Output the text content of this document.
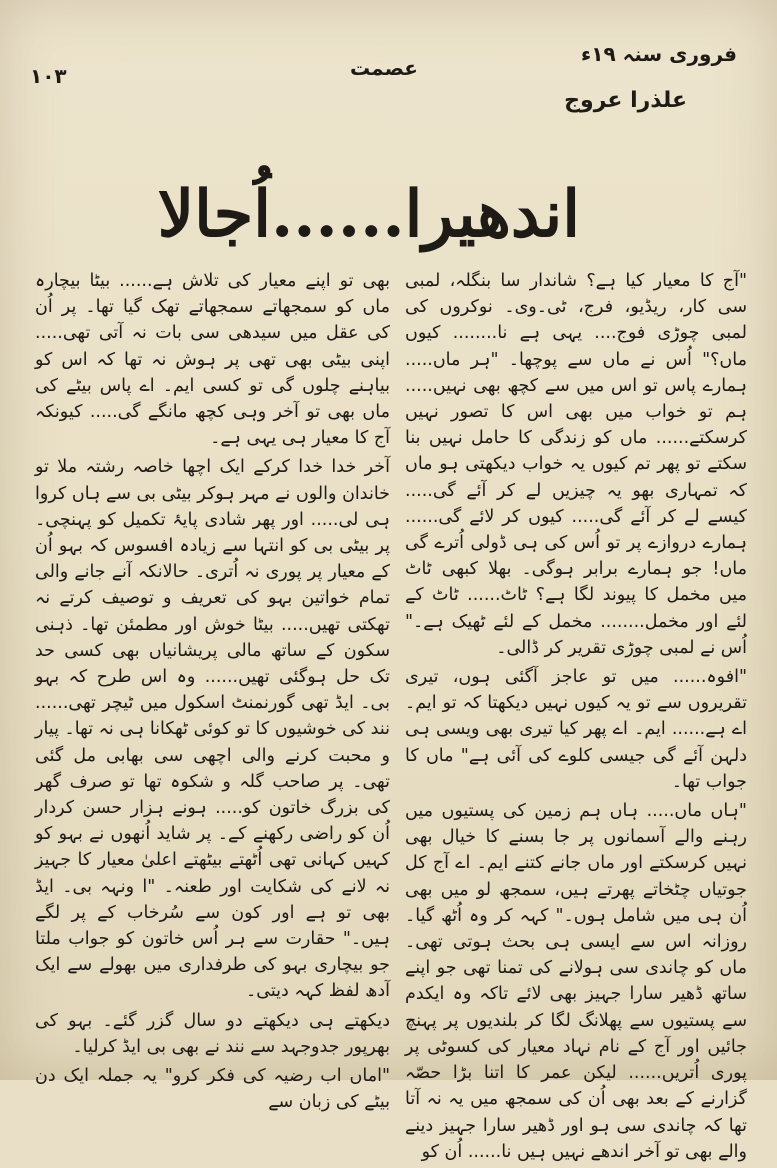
١٠٣	عصمت
فروری سنہ ۱۹ء
علذرا عروج
اندھیرا......اُجالا

"آج کا معیار کیا ہے؟ شاندار سا بنگلہ، لمبی سی کار، ریڈیو، فرج، ٹی۔وی۔ نوکروں کی لمبی چوڑی فوج.... یہی ہے نا........ کیوں ماں؟" اُس نے ماں سے پوچھا۔ "ہر ماں..... ہمارے پاس تو اس میں سے کچھ بھی نہیں..... ہم تو خواب میں بھی اس کا تصور نہیں کرسکتے...... ماں کو زندگی کا حامل نہیں بنا سکتے تو پھر تم کیوں یہ خواب دیکھتی ہو ماں کہ تمہاری بھو یہ چیزیں لے کر آئے گی..... کیسے لے کر آئے گی..... کیوں کر لائے گی...... ہمارے دروازے پر تو اُس کی ہی ڈولی اُترے گی ماں! جو ہمارے برابر ہوگی۔ بھلا کبھی ٹاٹ میں مخمل کا پیوند لگا ہے؟ ٹاٹ...... ٹاٹ کے لئے اور مخمل........ مخمل کے لئے ٹھیک ہے۔" اُس نے لمبی چوڑی تقریر کر ڈالی۔

"افوہ...... میں تو عاجز آگئی ہوں، تیری تقریروں سے تو یہ کیوں نہیں دیکھتا کہ تو ایم۔ اے ہے...... ایم۔ اے پھر کیا تیری بھی ویسی ہی دلہن آئے گی جیسی کلوے کی آئی ہے" ماں کا جواب تھا۔

"ہاں ماں..... ہاں ہم زمین کی پستیوں میں رہنے والے آسمانوں پر جا بسنے کا خیال بھی نہیں کرسکتے اور ماں جانے کتنے ایم۔ اے آج کل جوتیاں چٹخاتے پھرتے ہیں، سمجھ لو میں بھی اُن ہی میں شامل ہوں۔" کہہ کر وہ اُٹھ گیا۔ روزانہ اس سے ایسی ہی بحث ہوتی تھی۔ ماں کو چاندی سی ہولانے کی تمنا تھی جو اپنے ساتھ ڈھیر سارا جہیز بھی لائے تاکہ وہ ایکدم سے پستیوں سے پھلانگ لگا کر بلندیوں پر پہنچ جائیں اور آج کے نام نہاد معیار کی کسوٹی پر پوری اُتریں...... لیکن عمر کا اتنا بڑا حصّہ گزارنے کے بعد بھی اُن کی سمجھ میں یہ نہ آتا تھا کہ چاندی سی ہو اور ڈھیر سارا جہیز دینے والے بھی تو آخر اندھے نہیں ہیں نا...... اُن کو

بھی تو اپنے معیار کی تلاش ہے...... بیٹا بیچارہ ماں کو سمجھاتے سمجھاتے تھک گیا تھا۔ پر اُن کی عقل میں سیدھی سی بات نہ آتی تھی..... اپنی بیٹی بھی تھی پر ہوش نہ تھا کہ اس کو بیاہنے چلوں گی تو کسی ایم۔ اے پاس بیٹے کی ماں بھی تو آخر وہی کچھ مانگے گی..... کیونکہ آج کا معیار ہی یہی ہے۔

آخر خدا خدا کرکے ایک اچھا خاصہ رشتہ ملا تو خاندان والوں نے مہر ہوکر بیٹی بی سے ہاں کروا ہی لی..... اور پھر شادی پایۂ تکمیل کو پہنچی۔ پر بیٹی بی کو انتہا سے زیادہ افسوس کہ بہو اُن کے معیار پر پوری نہ اُتری۔ حالانکہ آنے جانے والی تمام خواتین بہو کی تعریف و توصیف کرتے نہ تھکتی تھیں..... بیٹا خوش اور مطمئن تھا۔ ذہنی سکون کے ساتھ مالی پریشانیاں بھی کسی حد تک حل ہوگئی تھیں...... وہ اس طرح کہ بہو بی۔ ایڈ تھی گورنمنٹ اسکول میں ٹیچر تھی...... نند کی خوشیوں کا تو کوئی ٹھکانا ہی نہ تھا۔ پیار و محبت کرنے والی اچھی سی بھابی مل گئی تھی۔ پر صاحب گلہ و شکوہ تھا تو صرف گھر کی بزرگ خاتون کو..... ہونے ہزار حسن کردار اُن کو راضی رکھنے کے۔ پر شاید اُنھوں نے بہو کو کہیں کہانی تھی اُٹھتے بیٹھتے اعلیٰ معیار کا جہیز نہ لانے کی شکایت اور طعنہ۔ "ا ونہہ بی۔ ایڈ بھی تو ہے اور کون سے سُرخاب کے پر لگے ہیں۔" حقارت سے ہر اُس خاتون کو جواب ملتا جو بیچاری بہو کی طرفداری میں بھولے سے ایک آدھ لفظ کہہ دیتی۔

دیکھتے ہی دیکھتے دو سال گزر گئے۔ بہو کی بھرپور جدوجہد سے نند نے بھی بی ایڈ کرلیا۔

"اماں اب رضیہ کی فکر کرو" یہ جملہ ایک دن بیٹے کی زبان سے
